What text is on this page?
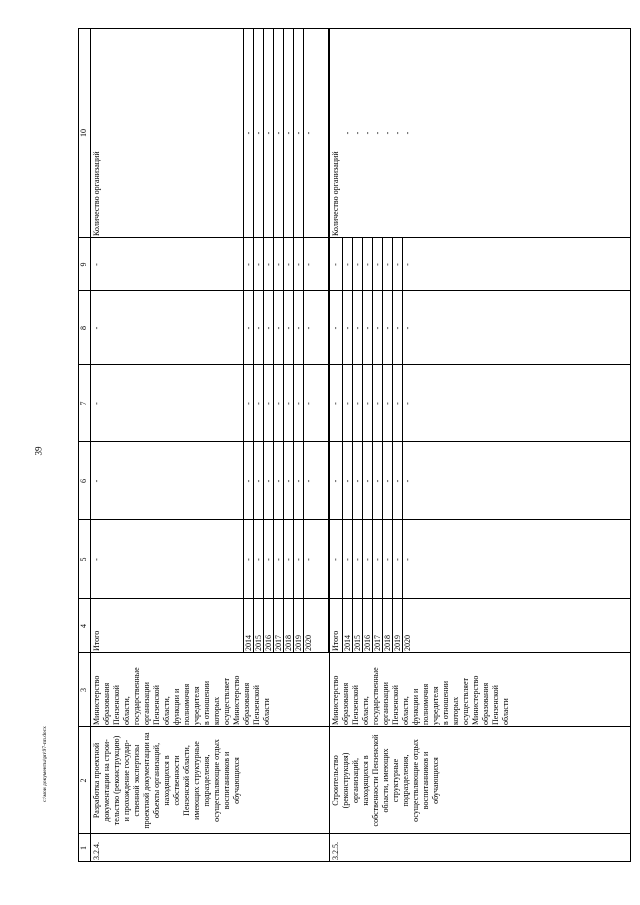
39
c:\мои документы\рп\97-пп.docx
1
2
3
4
5
6
7
8
9
10
3.2.4.
Разработка проектной документации на строи- тельство (реконструкцию) и прохождение государ- ственной экспертизы проектной документации на объекты организаций, находящихся в собственности Пензенской области, имеющих структурные подразделения, осуществляющие отдых воспитанников и обучающихся
Министерство образования Пензенской области, государственные организации Пензенской области, функции и полномочия учредителя в отношении которых осуществляет Министерство образования Пензенской области
Итого	2014 2015 2016 2017 2018 2019 2020
-
-
-
-
-
-
-
-
-
-
-
-
-
-
-
-
-
-
-
-
-
-
-
-
-
-
-
-
-
-
-
-
-
-
-
-
-
-
-
-
Количество организаций
- - - - - - -
3.2.5.
Строительство (реконструкция) организаций, находящихся в собственности Пензенской области, имеющих структурные подразделения, осуществляющие отдых воспитанников и обучающихся
Министерство образования Пензенской области, государственные организации Пензенской области, функции и полномочия учредителя в отношении которых осуществляет Министерство образования Пензенской области
Итого 2014 2015 2016 2017 2018 2019 2020
-
-
-
-
-
-
-
-
-
-
-
-
-
-
-
-
-
-
-
-
-
-
-
-
-
-
-
-
-
-
-
-
-
-
-
-
-
-
-
-
Количество организаций
- - - - - - -
